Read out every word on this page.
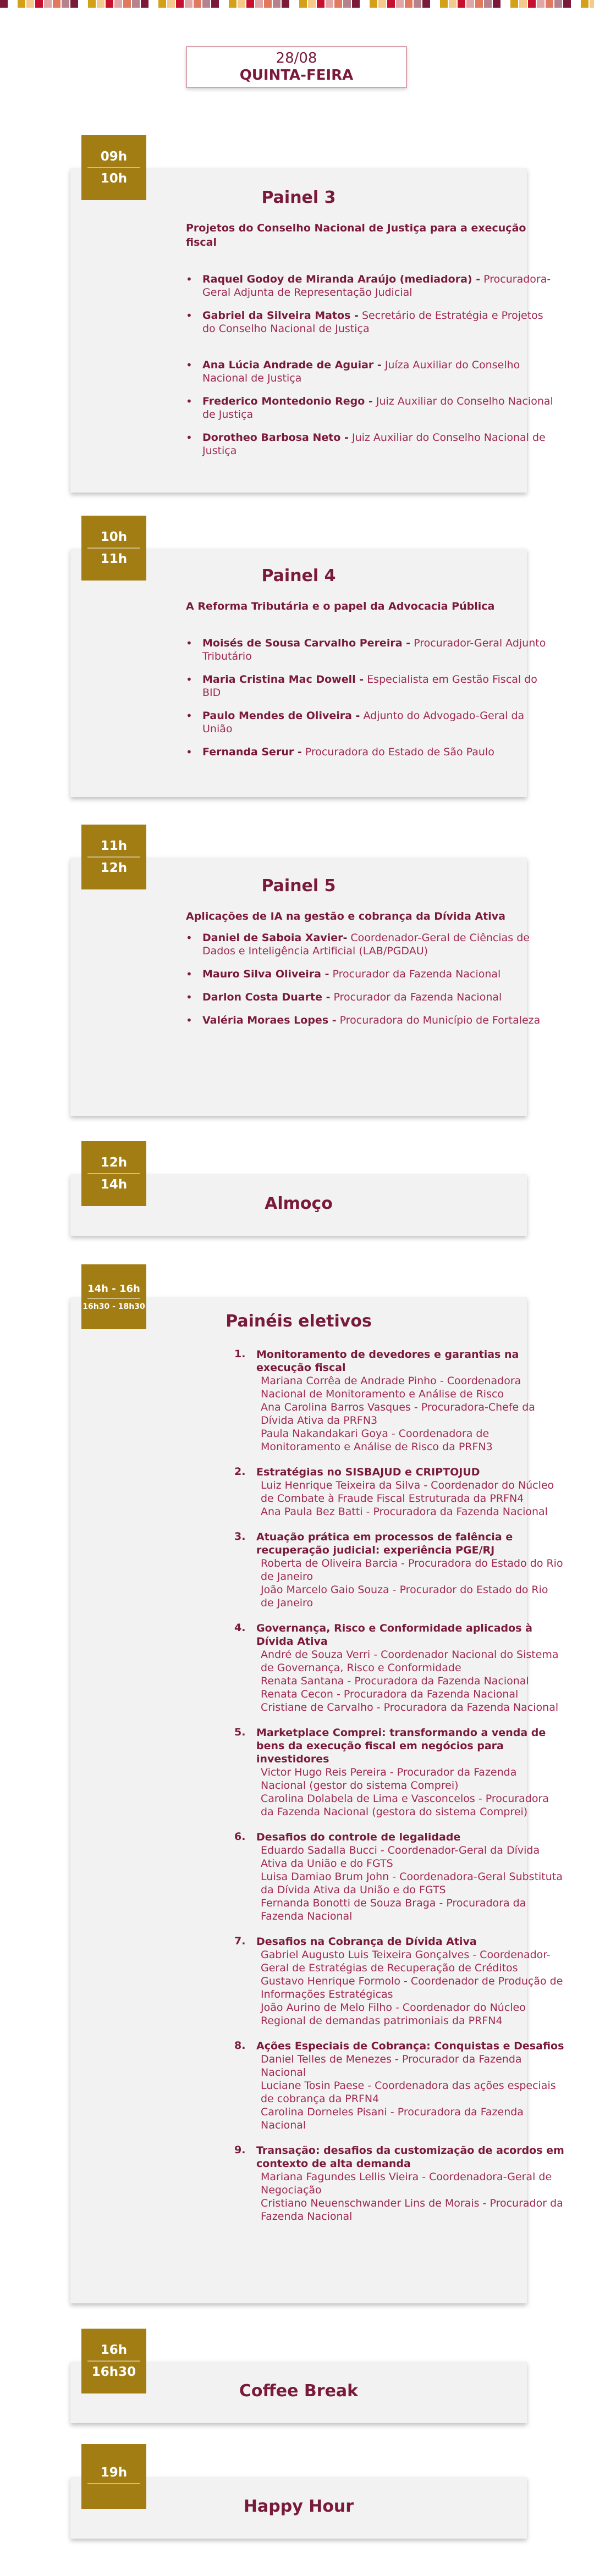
28/08
QUINTA-FEIRA
Painel 3
Projetos do Conselho Nacional de Justiça para a execução fiscal
• Raquel Godoy de Miranda Araújo (mediadora) - Procuradora-Geral Adjunta de Representação Judicial
• Gabriel da Silveira Matos - Secretário de Estratégia e Projetos do Conselho Nacional de Justiça
• Ana Lúcia Andrade de Aguiar - Juíza Auxiliar do Conselho Nacional de Justiça
• Frederico Montedonio Rego - Juiz Auxiliar do Conselho Nacional de Justiça
• Dorotheo Barbosa Neto - Juiz Auxiliar do Conselho Nacional de Justiça
09h
10h
Painel 4
A Reforma Tributária e o papel da Advocacia Pública
• Moisés de Sousa Carvalho Pereira - Procurador-Geral Adjunto Tributário
• Maria Cristina Mac Dowell - Especialista em Gestão Fiscal do BID
• Paulo Mendes de Oliveira - Adjunto do Advogado-Geral da União
• Fernanda Serur - Procuradora do Estado de São Paulo
10h
11h
Painel 5
Aplicações de IA na gestão e cobrança da Dívida Ativa
• Daniel de Saboia Xavier- Coordenador-Geral de Ciências de Dados e Inteligência Artificial (LAB/PGDAU)
• Mauro Silva Oliveira - Procurador da Fazenda Nacional
• Darlon Costa Duarte - Procurador da Fazenda Nacional
• Valéria Moraes Lopes - Procuradora do Município de Fortaleza
11h
12h
Almoço
12h
14h
Painéis eletivos
1. Monitoramento de devedores e garantias na execução fiscal
Mariana Corrêa de Andrade Pinho - Coordenadora Nacional de Monitoramento e Análise de Risco
Ana Carolina Barros Vasques - Procuradora-Chefe da Dívida Ativa da PRFN3
Paula Nakandakari Goya - Coordenadora de Monitoramento e Análise de Risco da PRFN3
2. Estratégias no SISBAJUD e CRIPTOJUD
Luiz Henrique Teixeira da Silva - Coordenador do Núcleo de Combate à Fraude Fiscal Estruturada da PRFN4
Ana Paula Bez Batti - Procuradora da Fazenda Nacional
3. Atuação prática em processos de falência e recuperação judicial: experiência PGE/RJ
Roberta de Oliveira Barcia - Procuradora do Estado do Rio de Janeiro
João Marcelo Gaio Souza - Procurador do Estado do Rio de Janeiro
4. Governança, Risco e Conformidade aplicados à Dívida Ativa
André de Souza Verri - Coordenador Nacional do Sistema de Governança, Risco e Conformidade
Renata Santana - Procuradora da Fazenda Nacional
Renata Cecon - Procuradora da Fazenda Nacional
Cristiane de Carvalho - Procuradora da Fazenda Nacional
5. Marketplace Comprei: transformando a venda de bens da execução fiscal em negócios para investidores
Victor Hugo Reis Pereira - Procurador da Fazenda Nacional (gestor do sistema Comprei)
Carolina Dolabela de Lima e Vasconcelos - Procuradora da Fazenda Nacional (gestora do sistema Comprei)
6. Desafios do controle de legalidade
Eduardo Sadalla Bucci - Coordenador-Geral da Dívida Ativa da União e do FGTS
Luisa Damiao Brum John - Coordenadora-Geral Substituta da Dívida Ativa da União e do FGTS
Fernanda Bonotti de Souza Braga - Procuradora da Fazenda Nacional
7. Desafios na Cobrança de Dívida Ativa
Gabriel Augusto Luis Teixeira Gonçalves - Coordenador-Geral de Estratégias de Recuperação de Créditos
Gustavo Henrique Formolo - Coordenador de Produção de Informações Estratégicas
João Aurino de Melo Filho - Coordenador do Núcleo Regional de demandas patrimoniais da PRFN4
8. Ações Especiais de Cobrança: Conquistas e Desafios
Daniel Telles de Menezes - Procurador da Fazenda Nacional
Luciane Tosin Paese - Coordenadora das ações especiais de cobrança da PRFN4
Carolina Dorneles Pisani - Procuradora da Fazenda Nacional
9. Transação: desafios da customização de acordos em contexto de alta demanda
Mariana Fagundes Lellis Vieira - Coordenadora-Geral de Negociação
Cristiano Neuenschwander Lins de Morais - Procurador da Fazenda Nacional
14h - 16h
16h30 - 18h30
Coffee Break
16h
16h30
Happy Hour
19h
